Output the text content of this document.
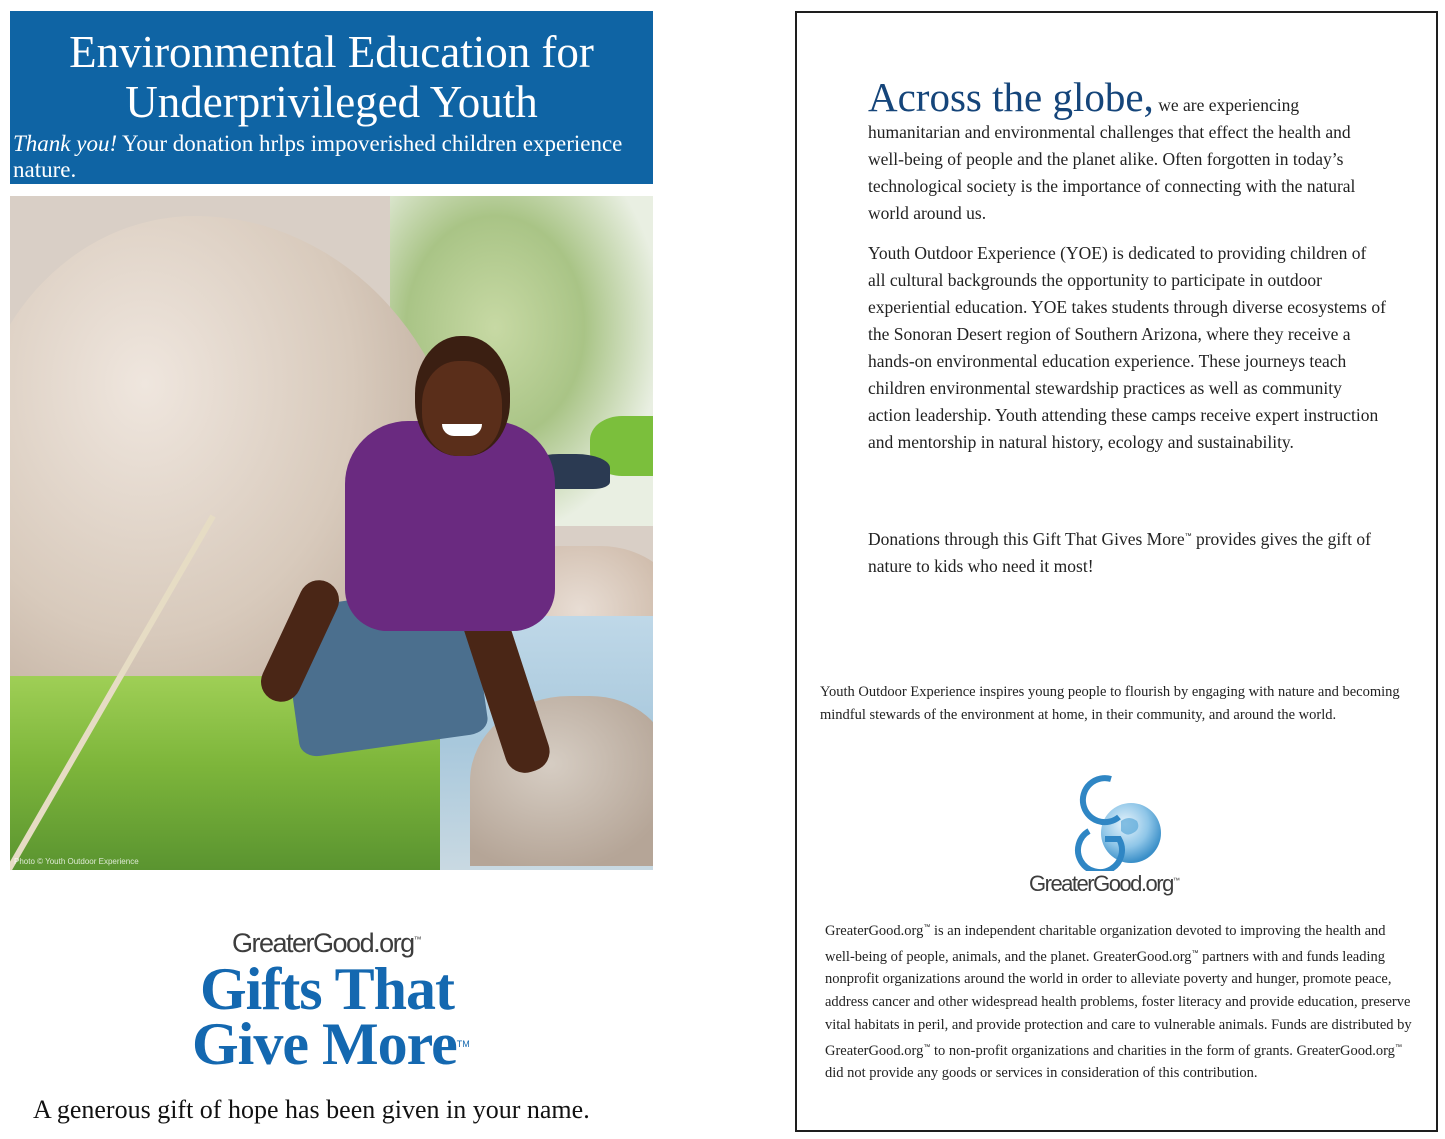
Environmental Education for
Underprivileged Youth

Thank you! Your donation hrlps impoverished children experience nature.

Photo © Youth Outdoor Experience
GreaterGood.org™
Gifts That
Give More™
A generous gift of hope has been given in your name.

Across the globe, we are experiencing humanitarian and environmental challenges that effect the health and well-being of people and the planet alike. Often forgotten in today’s technological society is the importance of connecting with the natural world around us.

Youth Outdoor Experience (YOE) is dedicated to providing children of all cultural backgrounds the opportunity to participate in outdoor experiential education. YOE takes students through diverse ecosystems of the Sonoran Desert region of Southern Arizona, where they receive a hands-on environmental education experience. These journeys teach children environmental stewardship practices as well as community action leadership. Youth attending these camps receive expert instruction and mentorship in natural history, ecology and sustainability.

Donations through this Gift That Gives More™ provides gives the gift of nature to kids who need it most!

Youth Outdoor Experience inspires young people to flourish by engaging with nature and becoming mindful stewards of the environment at home, in their community, and around the world.

GreaterGood.org™

GreaterGood.org™ is an independent charitable organization devoted to improving the health and well-being of people, animals, and the planet. GreaterGood.org™ partners with and funds leading nonprofit organizations around the world in order to alleviate poverty and hunger, promote peace, address cancer and other widespread health problems, foster literacy and provide education, preserve vital habitats in peril, and provide protection and care to vulnerable animals. Funds are distributed by GreaterGood.org™ to non-profit organizations and charities in the form of grants. GreaterGood.org™ did not provide any goods or services in consideration of this contribution.
